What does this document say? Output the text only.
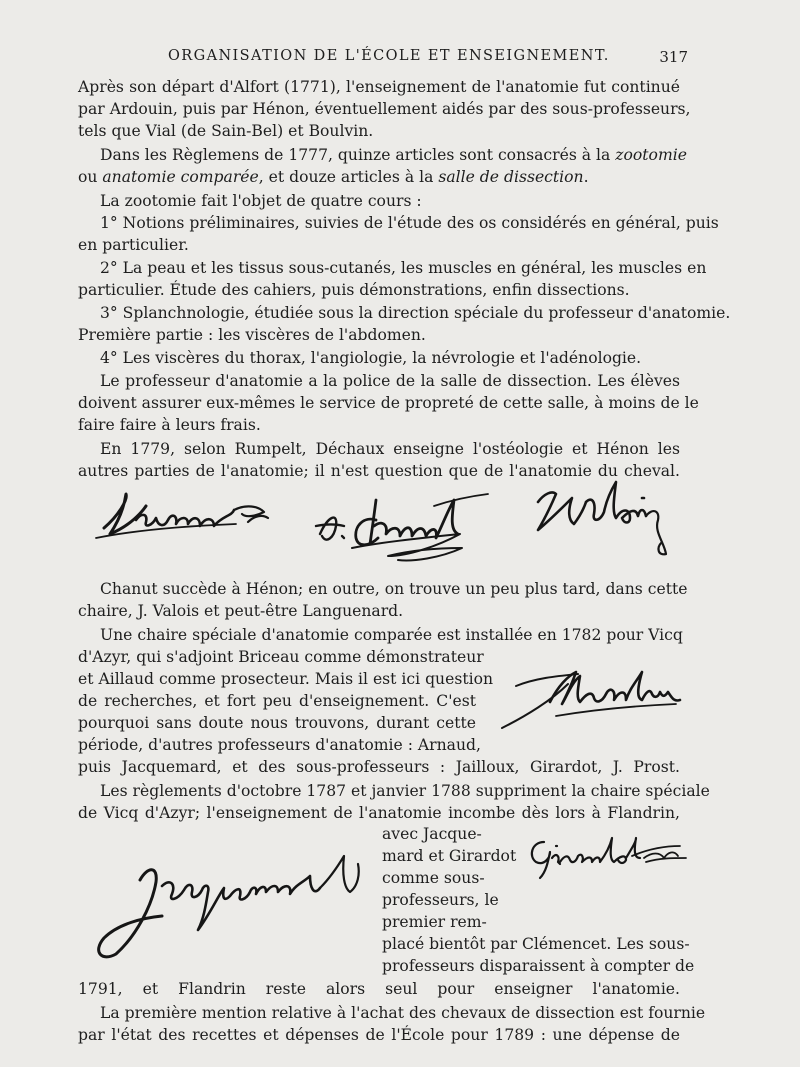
ORGANISATION DE L'ÉCOLE ET ENSEIGNEMENT.	317
Après son départ d'Alfort (1771), l'enseignement de l'anatomie fut continué
par Ardouin, puis par Hénon, éventuellement aidés par des sous-professeurs,
tels que Vial (de Sain-Bel) et Boulvin.
Dans les Règlemens de 1777, quinze articles sont consacrés à la zootomie
ou anatomie comparée, et douze articles à la salle de dissection.
La zootomie fait l'objet de quatre cours :
1° Notions préliminaires, suivies de l'étude des os considérés en général, puis
en particulier.
2° La peau et les tissus sous-cutanés, les muscles en général, les muscles en
particulier. Étude des cahiers, puis démonstrations, enfin dissections.
3° Splanchnologie, étudiée sous la direction spéciale du professeur d'anatomie.
Première partie : les viscères de l'abdomen.
4° Les viscères du thorax, l'angiologie, la névrologie et l'adénologie.
Le professeur d'anatomie a la police de la salle de dissection. Les élèves
doivent assurer eux-mêmes le service de propreté de cette salle, à moins de le
faire faire à leurs frais.
En 1779, selon Rumpelt, Déchaux enseigne l'ostéologie et Hénon les
autres parties de l'anatomie; il n'est question que de l'anatomie du cheval.
Chanut succède à Hénon; en outre, on trouve un peu plus tard, dans cette
chaire, J. Valois et peut-être Languenard.
Une chaire spéciale d'anatomie comparée est installée en 1782 pour Vicq
d'Azyr, qui s'adjoint Briceau comme démonstrateur
et Aillaud comme prosecteur. Mais il est ici question
de recherches, et fort peu d'enseignement. C'est
pourquoi sans doute nous trouvons, durant cette
période, d'autres professeurs d'anatomie : Arnaud,
puis Jacquemard, et des sous-professeurs : Jailloux, Girardot, J. Prost.
Les règlements d'octobre 1787 et janvier 1788 suppriment la chaire spéciale
de Vicq d'Azyr; l'enseignement de l'anatomie incombe dès lors à Flandrin,
avec Jacque-
mard et Girardot
comme sous-
professeurs, le
premier rem-
placé bientôt par Clémencet. Les sous-
professeurs disparaissent à compter de
1791, et Flandrin reste alors seul pour enseigner l'anatomie.
La première mention relative à l'achat des chevaux de dissection est fournie
par l'état des recettes et dépenses de l'École pour 1789 : une dépense de
